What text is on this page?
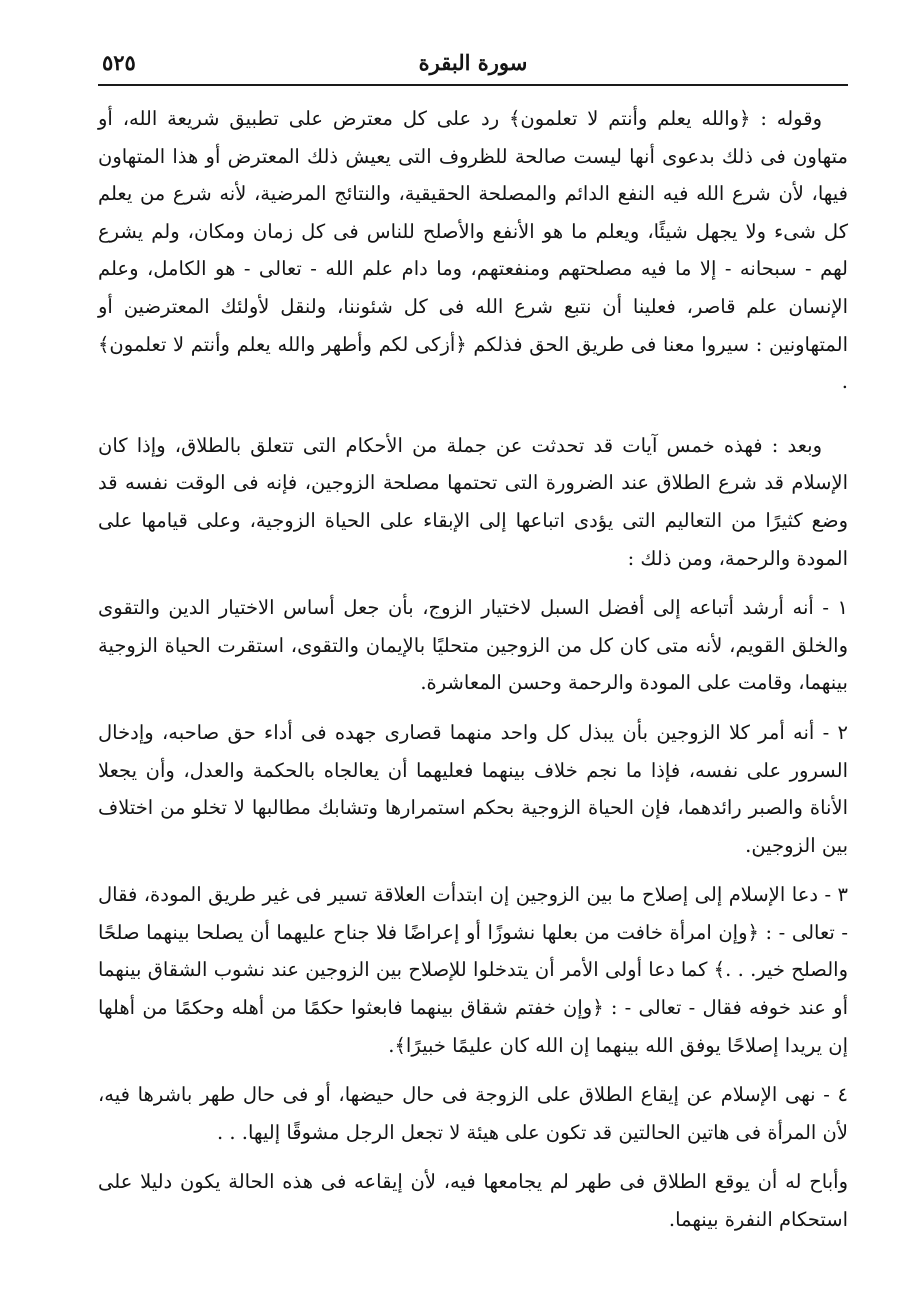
سورة البقرة
٥٢٥

وقوله : ﴿والله يعلم وأنتم لا تعلمون﴾ رد على كل معترض على تطبيق شريعة الله، أو متهاون فى ذلك بدعوى أنها ليست صالحة للظروف التى يعيش ذلك المعترض أو هذا المتهاون فيها، لأن شرع الله فيه النفع الدائم والمصلحة الحقيقية، والنتائج المرضية، لأنه شرع من يعلم كل شىء ولا يجهل شيئًا، ويعلم ما هو الأنفع والأصلح للناس فى كل زمان ومكان، ولم يشرع لهم - سبحانه - إلا ما فيه مصلحتهم ومنفعتهم، وما دام علم الله - تعالى - هو الكامل، وعلم الإنسان علم قاصر، فعلينا أن نتبع شرع الله فى كل شئوننا، ولنقل لأولئك المعترضين أو المتهاونين : سيروا معنا فى طريق الحق فذلكم ﴿أزكى لكم وأطهر والله يعلم وأنتم لا تعلمون﴾ .

وبعد : فهذه خمس آيات قد تحدثت عن جملة من الأحكام التى تتعلق بالطلاق، وإذا كان الإسلام قد شرع الطلاق عند الضرورة التى تحتمها مصلحة الزوجين، فإنه فى الوقت نفسه قد وضع كثيرًا من التعاليم التى يؤدى اتباعها إلى الإبقاء على الحياة الزوجية، وعلى قيامها على المودة والرحمة، ومن ذلك :

١ - أنه أرشد أتباعه إلى أفضل السبل لاختيار الزوج، بأن جعل أساس الاختيار الدين والتقوى والخلق القويم، لأنه متى كان كل من الزوجين متحليًا بالإيمان والتقوى، استقرت الحياة الزوجية بينهما، وقامت على المودة والرحمة وحسن المعاشرة.

٢ - أنه أمر كلا الزوجين بأن يبذل كل واحد منهما قصارى جهده فى أداء حق صاحبه، وإدخال السرور على نفسه، فإذا ما نجم خلاف بينهما فعليهما أن يعالجاه بالحكمة والعدل، وأن يجعلا الأناة والصبر رائدهما، فإن الحياة الزوجية بحكم استمرارها وتشابك مطالبها لا تخلو من اختلاف بين الزوجين.

٣ - دعا الإسلام إلى إصلاح ما بين الزوجين إن ابتدأت العلاقة تسير فى غير طريق المودة، فقال - تعالى - : ﴿وإن امرأة خافت من بعلها نشوزًا أو إعراضًا فلا جناح عليهما أن يصلحا بينهما صلحًا والصلح خير. . .﴾ كما دعا أولى الأمر أن يتدخلوا للإصلاح بين الزوجين عند نشوب الشقاق بينهما أو عند خوفه فقال - تعالى - : ﴿وإن خفتم شقاق بينهما فابعثوا حكمًا من أهله وحكمًا من أهلها إن يريدا إصلاحًا يوفق الله بينهما إن الله كان عليمًا خبيرًا﴾.

٤ - نهى الإسلام عن إيقاع الطلاق على الزوجة فى حال حيضها، أو فى حال طهر باشرها فيه، لأن المرأة فى هاتين الحالتين قد تكون على هيئة لا تجعل الرجل مشوقًا إليها. . .

وأباح له أن يوقع الطلاق فى طهر لم يجامعها فيه، لأن إيقاعه فى هذه الحالة يكون دليلا على استحكام النفرة بينهما.
